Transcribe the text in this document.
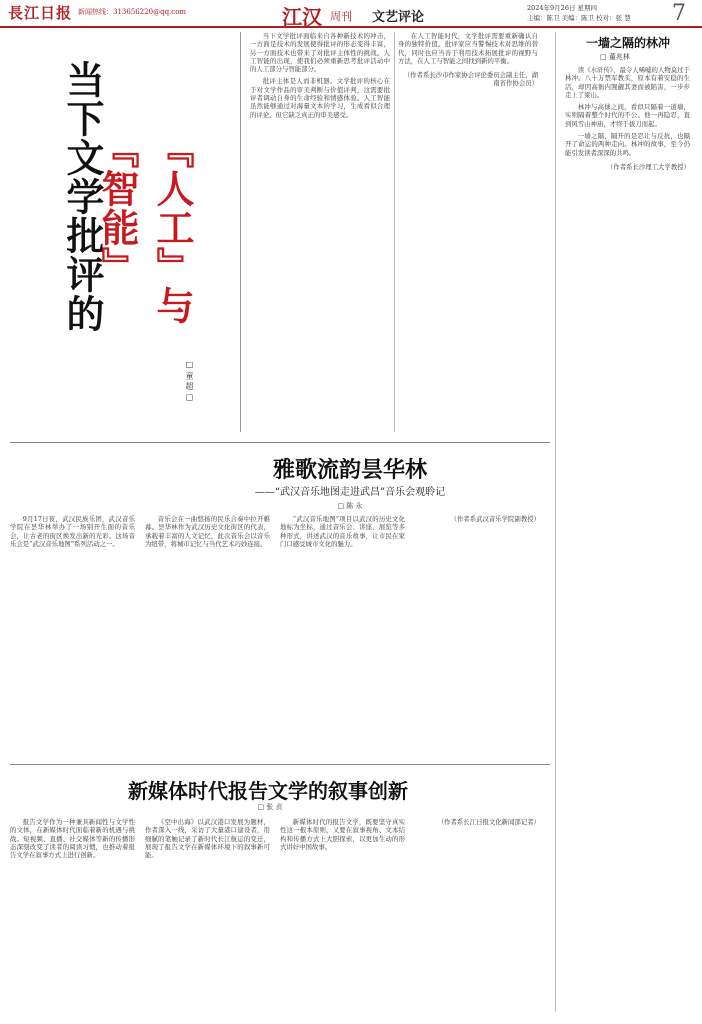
長江日报 新闻热线：313656220@qq.com	江汉 周刊 文艺评论
2024年9月26日 星期四
主编：陈卫 美编：陈卫 校对：张 慧 7
当下文学批评的 『人工』与『智能』
□ 童 超 □

当下文学批评面临来自各种新技术的冲击，一方面是技术的发展使得批评的形态变得丰富，另一方面技术也带来了对批评主体性的挑战。人工智能的出现，使我们必须重新思考批评活动中的人工部分与智能部分。

批评主体是人而非机器。文学批评的核心在于对文学作品的审美判断与价值评判，这需要批评者调动自身的生命经验和情感体验。人工智能虽然能够通过对海量文本的学习，生成看似合理的评论，但它缺乏真正的审美感受。

在人工智能时代，文学批评需要重新确认自身的独特价值。批评家应当警惕技术对思维的替代，同时也应当善于利用技术拓展批评的视野与方法，在人工与智能之间找到新的平衡。

（作者系长沙市作家协会评论委员会副主任，湖南省作协会员）

一墙之隔的林冲
□ 董兆林

读《水浒传》，最令人唏嘘的人物莫过于林冲。八十万禁军教头，原本有着安稳的生活，却因高衙内觊觎其妻而被陷害，一步步走上了梁山。

林冲与高俅之间，看似只隔着一道墙，实则隔着整个时代的不公。他一再隐忍，直到风雪山神庙，才终于拔刀而起。

一墙之隔，隔开的是忍让与反抗，也隔开了命运的两种走向。林冲的故事，至今仍能引发读者深深的共鸣。

（作者系长沙理工大学教授）

雅歌流韵昙华林
——“武汉音乐地图走进武昌”音乐会观聆记
□ 陈 永

9月17日夜，武汉民族乐团，武汉音乐学院在昙华林举办了一场别开生面的音乐会，让古老的街区焕发出新的光彩。这场音乐会是“武汉音乐地图”系列活动之一。

音乐会在一曲悠扬的民乐合奏中拉开帷幕。昙华林作为武汉历史文化街区的代表，承载着丰富的人文记忆，此次音乐会以音乐为纽带，将城市记忆与当代艺术巧妙连接。

“武汉音乐地图”项目以武汉的历史文化地标为坐标，通过音乐会、讲座、展览等多种形式，讲述武汉的音乐故事，让市民在家门口感受城市文化的魅力。

（作者系武汉音乐学院副教授）

新媒体时代报告文学的叙事创新
□ 张 贞

报告文学作为一种兼具新闻性与文学性的文体，在新媒体时代面临着新的机遇与挑战。短视频、直播、社交媒体等新的传播形态深刻改变了读者的阅读习惯，也推动着报告文学在叙事方式上进行创新。

《空中出海》以武汉港口发展为题材，作者深入一线，采访了大量港口建设者，用细腻的笔触记录了新时代长江航运的变迁，展现了报告文学在新媒体环境下的叙事新可能。

新媒体时代的报告文学，既要坚守真实性这一根本原则，又要在叙事视角、文本结构和传播方式上大胆探索，以更加生动的形式讲好中国故事。

（作者系长江日报文化新闻部记者）
